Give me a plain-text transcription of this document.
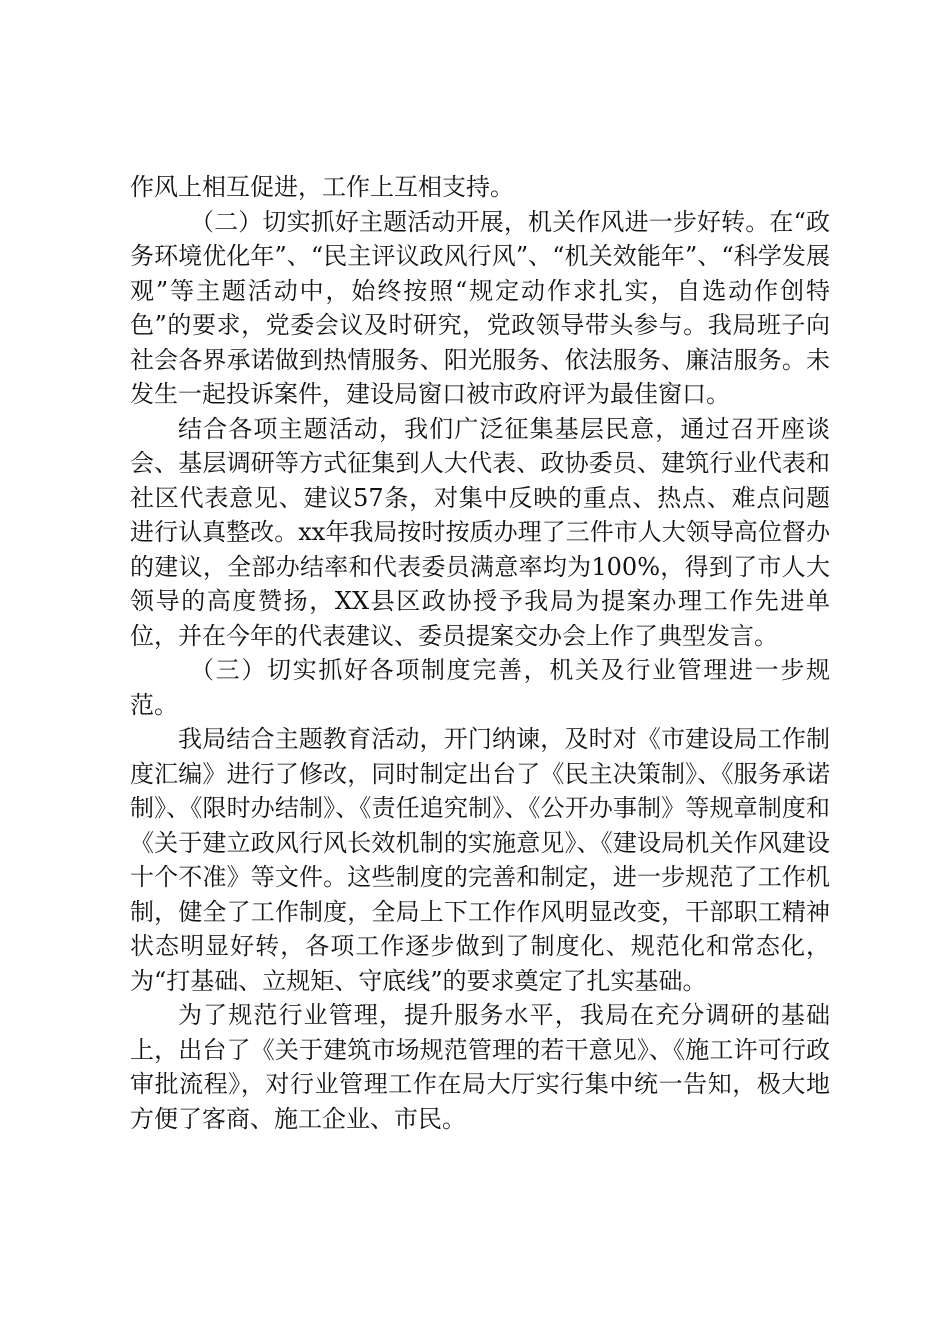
作风上相互促进，工作上互相支持。

（二）切实抓好主题活动开展，机关作风进一步好转。在“政务环境优化年”、“民主评议政风行风”、“机关效能年”、“科学发展观”等主题活动中，始终按照“规定动作求扎实，自选动作创特色”的要求，党委会议及时研究，党政领导带头参与。我局班子向社会各界承诺做到热情服务、阳光服务、依法服务、廉洁服务。未发生一起投诉案件，建设局窗口被市政府评为最佳窗口。

结合各项主题活动，我们广泛征集基层民意，通过召开座谈会、基层调研等方式征集到人大代表、政协委员、建筑行业代表和社区代表意见、建议57条，对集中反映的重点、热点、难点问题进行认真整改。xx年我局按时按质办理了三件市人大领导高位督办的建议，全部办结率和代表委员满意率均为100%，得到了市人大领导的高度赞扬，XX县区政协授予我局为提案办理工作先进单位，并在今年的代表建议、委员提案交办会上作了典型发言。

（三）切实抓好各项制度完善，机关及行业管理进一步规范。

我局结合主题教育活动，开门纳谏，及时对《市建设局工作制度汇编》进行了修改，同时制定出台了《民主决策制》、《服务承诺制》、《限时办结制》、《责任追究制》、《公开办事制》等规章制度和《关于建立政风行风长效机制的实施意见》、《建设局机关作风建设十个不准》等文件。这些制度的完善和制定，进一步规范了工作机制，健全了工作制度，全局上下工作作风明显改变，干部职工精神状态明显好转，各项工作逐步做到了制度化、规范化和常态化，为“打基础、立规矩、守底线”的要求奠定了扎实基础。

为了规范行业管理，提升服务水平，我局在充分调研的基础上，出台了《关于建筑市场规范管理的若干意见》、《施工许可行政审批流程》，对行业管理工作在局大厅实行集中统一告知，极大地方便了客商、施工企业、市民。
